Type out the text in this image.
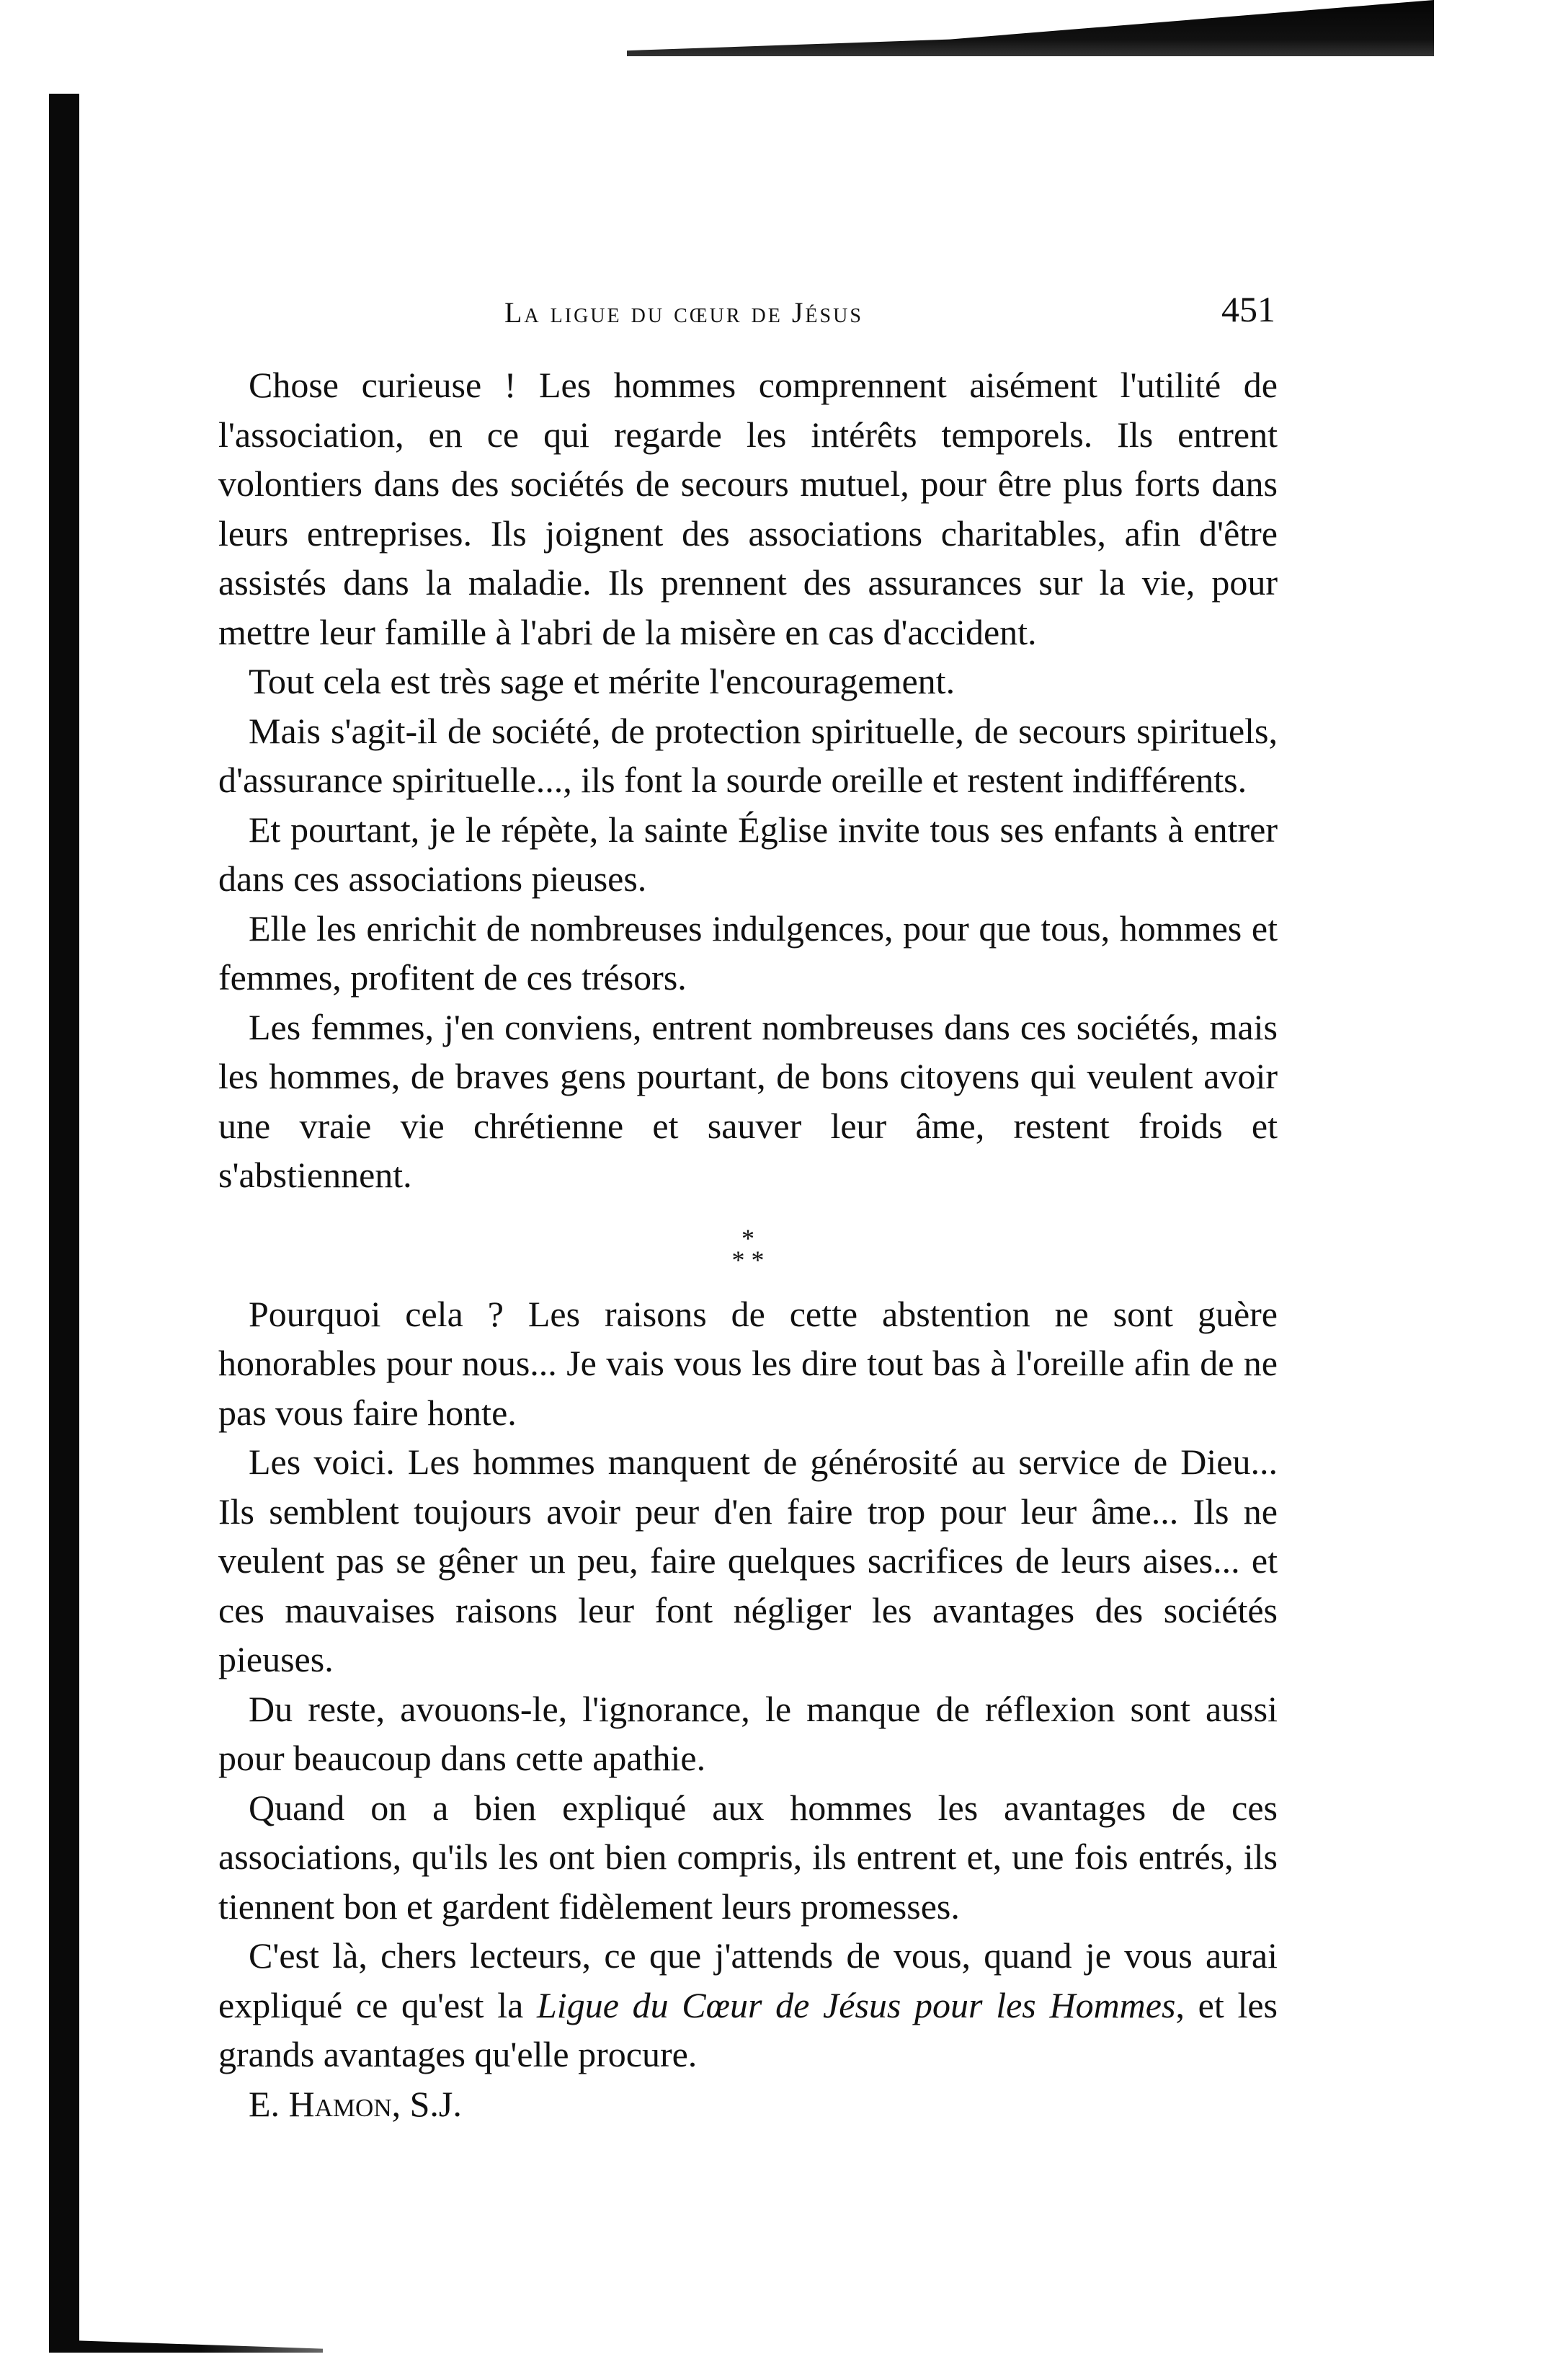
La ligue du cœur de Jésus	451

Chose curieuse ! Les hommes comprennent aisément l'utilité de l'association, en ce qui regarde les intérêts temporels. Ils entrent volontiers dans des sociétés de secours mutuel, pour être plus forts dans leurs entreprises. Ils joignent des associations charitables, afin d'être assistés dans la maladie. Ils prennent des assurances sur la vie, pour mettre leur famille à l'abri de la misère en cas d'accident.

Tout cela est très sage et mérite l'encouragement.

Mais s'agit-il de société, de protection spirituelle, de secours spirituels, d'assurance spirituelle..., ils font la sourde oreille et restent indifférents.

Et pourtant, je le répète, la sainte Église invite tous ses enfants à entrer dans ces associations pieuses.

Elle les enrichit de nombreuses indulgences, pour que tous, hommes et femmes, profitent de ces trésors.

Les femmes, j'en conviens, entrent nombreuses dans ces sociétés, mais les hommes, de braves gens pourtant, de bons citoyens qui veulent avoir une vraie vie chrétienne et sauver leur âme, restent froids et s'abstiennent.

*
* *

Pourquoi cela ? Les raisons de cette abstention ne sont guère honorables pour nous... Je vais vous les dire tout bas à l'oreille afin de ne pas vous faire honte.

Les voici. Les hommes manquent de générosité au service de Dieu... Ils semblent toujours avoir peur d'en faire trop pour leur âme... Ils ne veulent pas se gêner un peu, faire quelques sacrifices de leurs aises... et ces mauvaises raisons leur font négliger les avantages des sociétés pieuses.

Du reste, avouons-le, l'ignorance, le manque de réflexion sont aussi pour beaucoup dans cette apathie.

Quand on a bien expliqué aux hommes les avantages de ces associations, qu'ils les ont bien compris, ils entrent et, une fois entrés, ils tiennent bon et gardent fidèlement leurs promesses.

C'est là, chers lecteurs, ce que j'attends de vous, quand je vous aurai expliqué ce qu'est la Ligue du Cœur de Jésus pour les Hommes, et les grands avantages qu'elle procure.

E. Hamon, S.J.
